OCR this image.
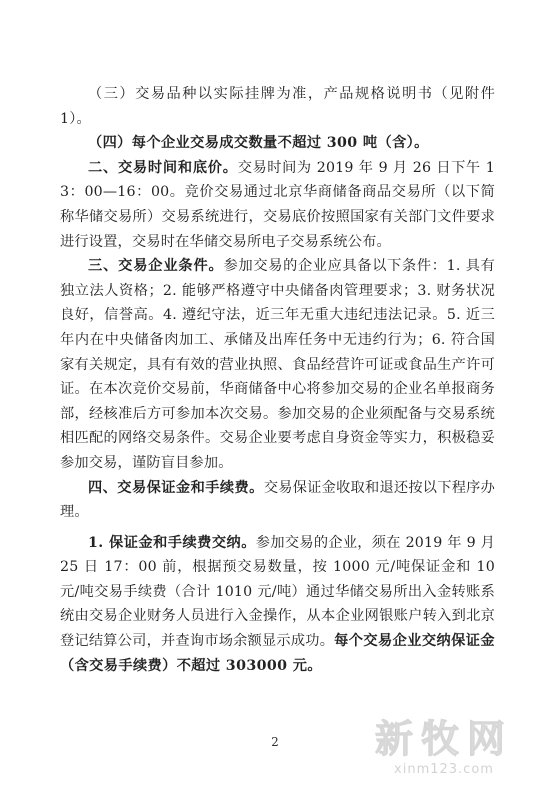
（三）交易品种以实际挂牌为准，产品规格说明书（见附件 1）。

（四）每个企业交易成交数量不超过 300 吨（含）。

二、交易时间和底价。交易时间为 2019 年 9 月 26 日下午 13：00—16：00。竞价交易通过北京华商储备商品交易所（以下简称华储交易所）交易系统进行，交易底价按照国家有关部门文件要求进行设置，交易时在华储交易所电子交易系统公布。

三、交易企业条件。参加交易的企业应具备以下条件：1. 具有独立法人资格；2. 能够严格遵守中央储备肉管理要求；3. 财务状况良好，信誉高。4. 遵纪守法，近三年无重大违纪违法记录。5. 近三年内在中央储备肉加工、承储及出库任务中无违约行为；6. 符合国家有关规定，具有有效的营业执照、食品经营许可证或食品生产许可证。在本次竞价交易前，华商储备中心将参加交易的企业名单报商务部，经核准后方可参加本次交易。参加交易的企业须配备与交易系统相匹配的网络交易条件。交易企业要考虑自身资金等实力，积极稳妥参加交易，谨防盲目参加。

四、交易保证金和手续费。交易保证金收取和退还按以下程序办理。

1. 保证金和手续费交纳。参加交易的企业，须在 2019 年 9 月 25 日 17：00 前，根据预交易数量，按 1000 元/吨保证金和 10 元/吨交易手续费（合计 1010 元/吨）通过华储交易所出入金转账系统由交易企业财务人员进行入金操作，从本企业网银账户转入到北京登记结算公司，并查询市场余额显示成功。每个交易企业交纳保证金（含交易手续费）不超过 303000 元。

2	新牧网
xinm123.com
